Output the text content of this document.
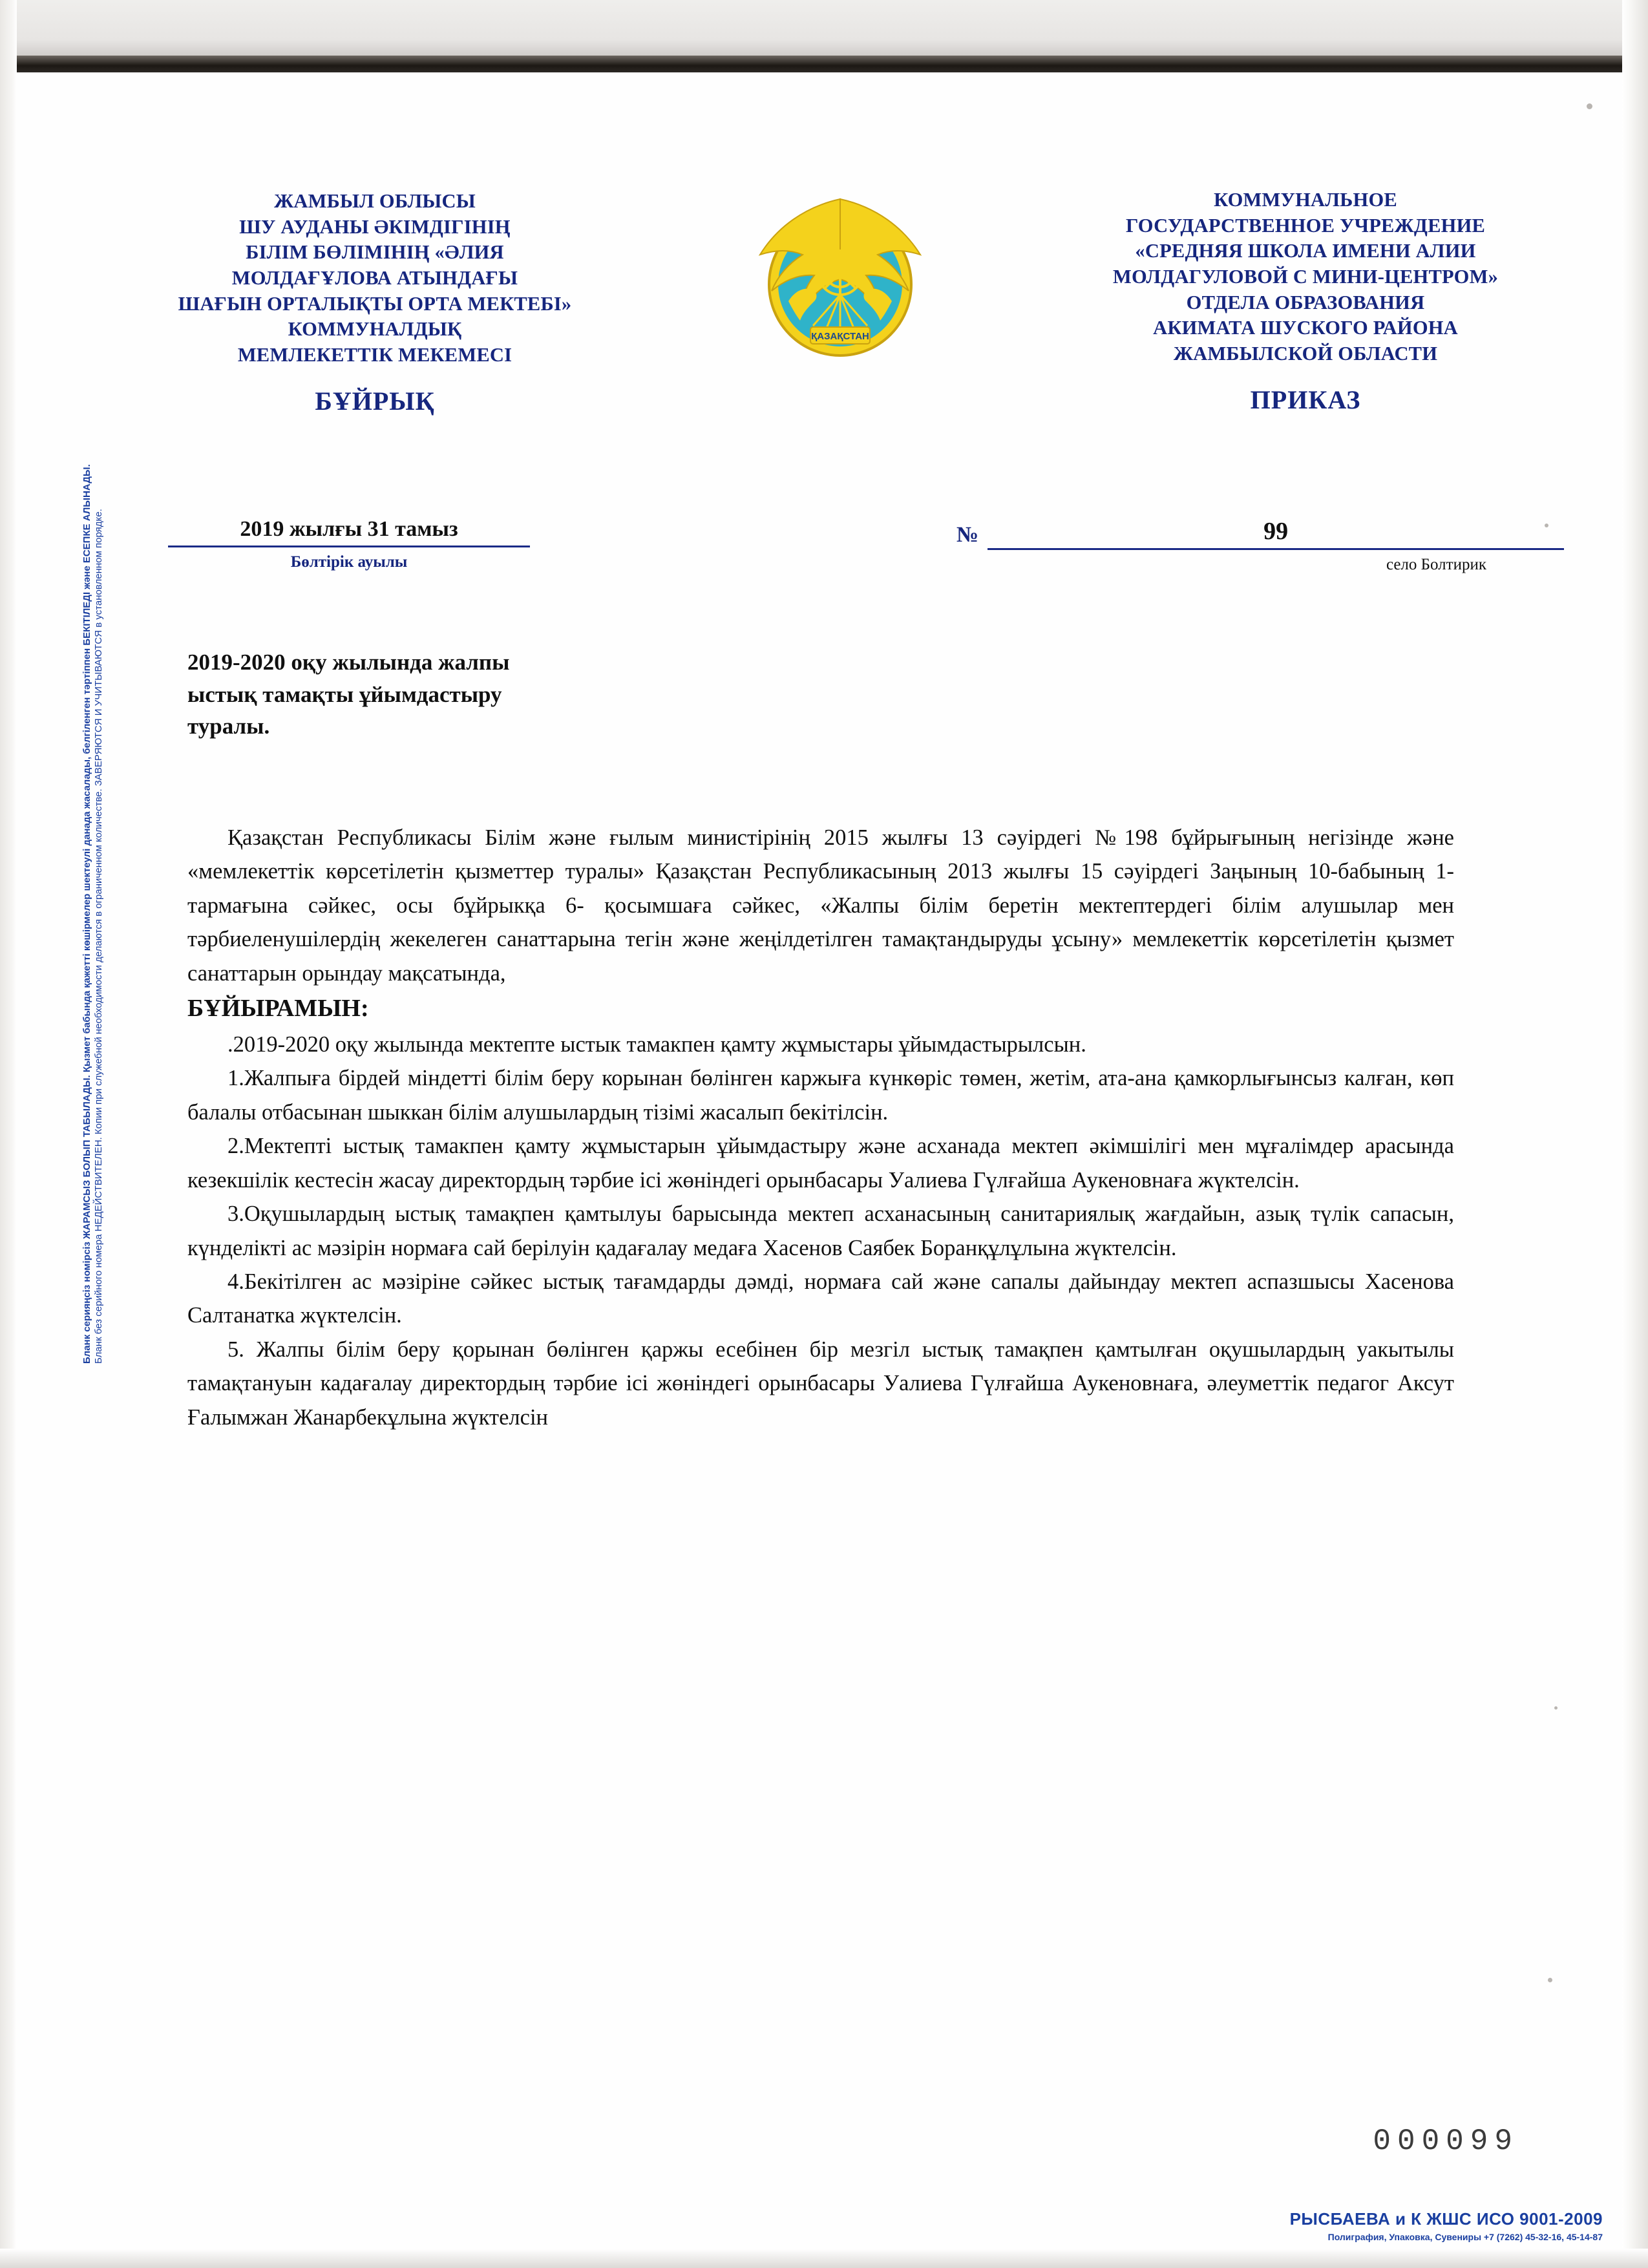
ЖАМБЫЛ ОБЛЫСЫ
ШУ АУДАНЫ ӘКІМДІГІНІҢ
БІЛІМ БӨЛІМІНІҢ «ӘЛИЯ
МОЛДАҒҰЛОВА АТЫНДАҒЫ
ШАҒЫН ОРТАЛЫҚТЫ ОРТА МЕКТЕБІ»
КОММУНАЛДЫҚ
МЕМЛЕКЕТТІК МЕКЕМЕСІ
БҰЙРЫҚ
ҚАЗАҚСТАН
КОММУНАЛЬНОЕ
ГОСУДАРСТВЕННОЕ УЧРЕЖДЕНИЕ
«СРЕДНЯЯ ШКОЛА ИМЕНИ АЛИИ
МОЛДАГУЛОВОЙ С МИНИ-ЦЕНТРОМ»
ОТДЕЛА ОБРАЗОВАНИЯ
АКИМАТА ШУСКОГО РАЙОНА
ЖАМБЫЛСКОЙ ОБЛАСТИ
ПРИКАЗ
2019 жылғы 31 тамыз
Бөлтірік ауылы
№	99
село Болтирик
2019-2020 оқу жылында жалпы
ыстық тамақты ұйымдастыру
туралы.

Қазақстан Республикасы Білім және ғылым министірінің 2015 жылғы 13 сәуірдегі №198 бұйрығының негізінде және «мемлекеттік көрсетілетін қызметтер туралы» Қазақстан Республикасының 2013 жылғы 15 сәуірдегі Заңының 10-бабының 1- тармағына сәйкес, осы бұйрыкқа 6- қосымшаға сәйкес, «Жалпы білім беретін мектептердегі білім алушылар мен тәрбиеленушілердің жекелеген санаттарына тегін және жеңілдетілген тамақтандыруды ұсыну» мемлекеттік көрсетілетін қызмет санаттарын орындау мақсатында,

БҰЙЫРАМЫН:

.2019-2020 оқу жылында мектепте ыстык тамакпен қамту жұмыстары ұйымдастырылсын.

1.Жалпыға бірдей міндетті білім беру корынан бөлінген каржыға күнкөріс төмен, жетім, ата-ана қамкорлығынсыз калған, көп балалы отбасынан шыккан білім алушылардың тізімі жасалып бекітілсін.

2.Мектепті ыстық тамакпен қамту жұмыстарын ұйымдастыру және асханада мектеп әкімшілігі мен мұғалімдер арасында кезекшілік кестесін жасау директордың тәрбие ісі жөніндегі орынбасары Уалиева Гүлғайша Аукеновнаға жүктелсін.

3.Оқушылардың ыстық тамақпен қамтылуы барысында мектеп асханасының санитариялық жағдайын, азық түлік сапасын, күнделікті ас мәзірін нормаға сай берілуін қадағалау медаға Хасенов Саябек Боранқұлұлына жүктелсін.

4.Бекітілген ас мәзіріне сәйкес ыстық тағамдарды дәмді, нормаға сай және сапалы дайындау мектеп аспазшысы Хасенова Салтанатка жүктелсін.

5. Жалпы білім беру қорынан бөлінген қаржы есебінен бір мезгіл ыстық тамақпен қамтылған оқушылардың уакытылы тамақтануын кадағалау директордың тәрбие ісі жөніндегі орынбасары Уалиева Гүлғайша Аукеновнаға, әлеуметтік педагог Аксут Ғалымжан Жанарбекұлына жүктелсін

Бланк серияңсіз номірсіз ЖАРАМСЫЗ БОЛЫП ТАБЫЛАДЫ. Қызмет бабында қажетті көшірмелер шектеулі данада жасалады, белгіленген тәртіппен БЕКІТІЛЕДІ және ЕСЕПКЕ АЛЫНАДЫ. Бланк без серийного номера НЕДЕЙСТВИТЕЛЕН. Копии при служебной необходимости делаются в ограниченном количестве. ЗАВЕРЯЮТСЯ И УЧИТЫВАЮТСЯ в установленном порядке.
000099
РЫСБАЕВА и К ЖШС ИСО 9001-2009
Полиграфия, Упаковка, Сувениры +7 (7262) 45-32-16, 45-14-87
